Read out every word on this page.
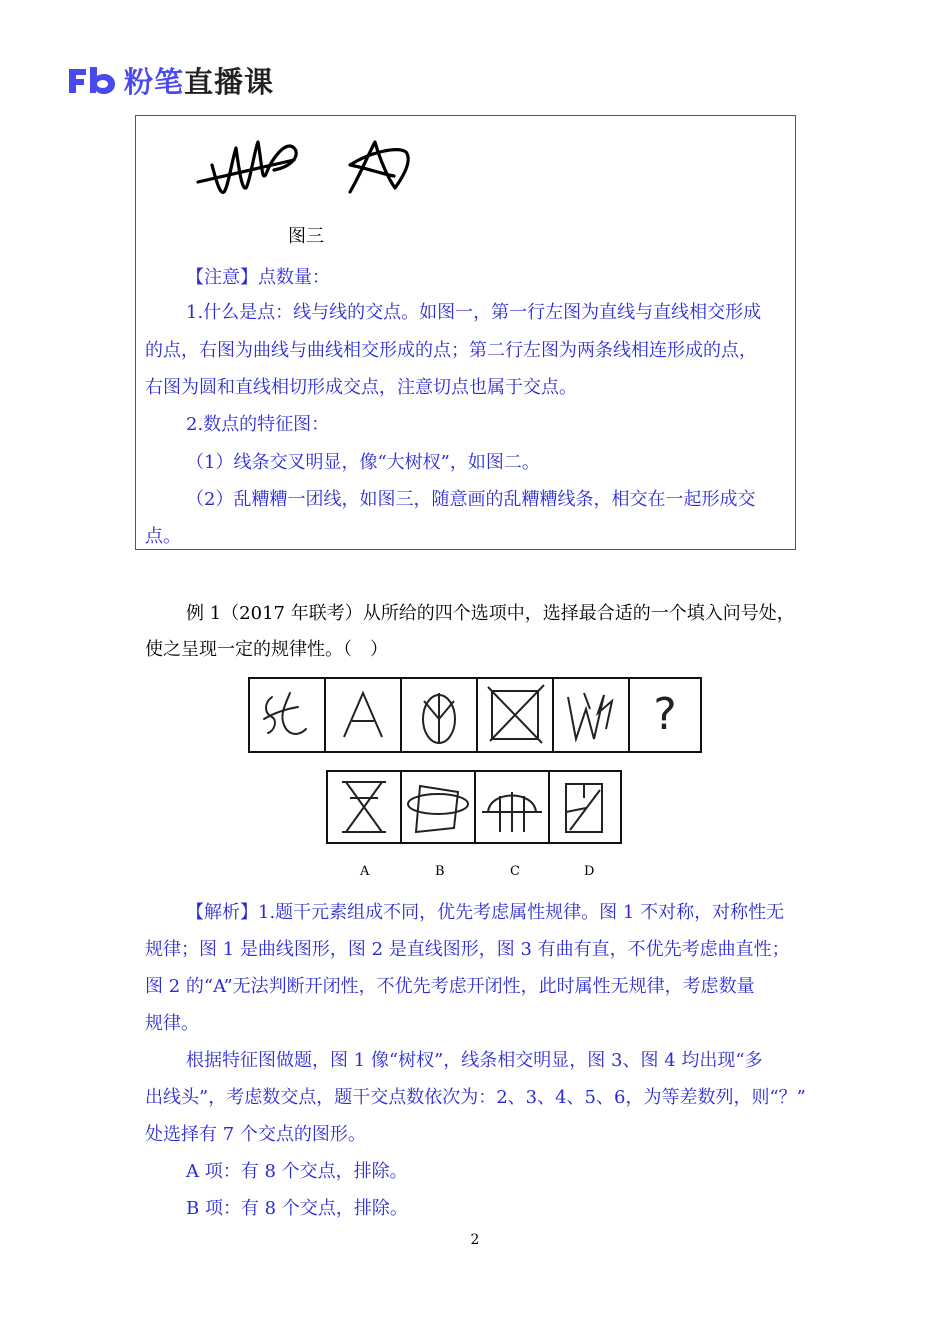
粉笔直播课
图三
【注意】点数量：
1.什么是点：线与线的交点。如图一，第一行左图为直线与直线相交形成
的点，右图为曲线与曲线相交形成的点；第二行左图为两条线相连形成的点，
右图为圆和直线相切形成交点，注意切点也属于交点。
2.数点的特征图：
（1）线条交叉明显，像“大树杈”，如图二。
（2）乱糟糟一团线，如图三，随意画的乱糟糟线条，相交在一起形成交
点。
例 1（2017 年联考）从所给的四个选项中，选择最合适的一个填入问号处，
使之呈现一定的规律性。（　）
?
A	B	C	D
【解析】1.题干元素组成不同，优先考虑属性规律。图 1 不对称，对称性无
规律；图 1 是曲线图形，图 2 是直线图形，图 3 有曲有直，不优先考虑曲直性；
图 2 的“A”无法判断开闭性，不优先考虑开闭性，此时属性无规律，考虑数量
规律。
根据特征图做题，图 1 像“树杈”，线条相交明显，图 3、图 4 均出现“多
出线头”，考虑数交点，题干交点数依次为：2、3、4、5、6，为等差数列，则“？”
处选择有 7 个交点的图形。
A 项：有 8 个交点，排除。
B 项：有 8 个交点，排除。
2
